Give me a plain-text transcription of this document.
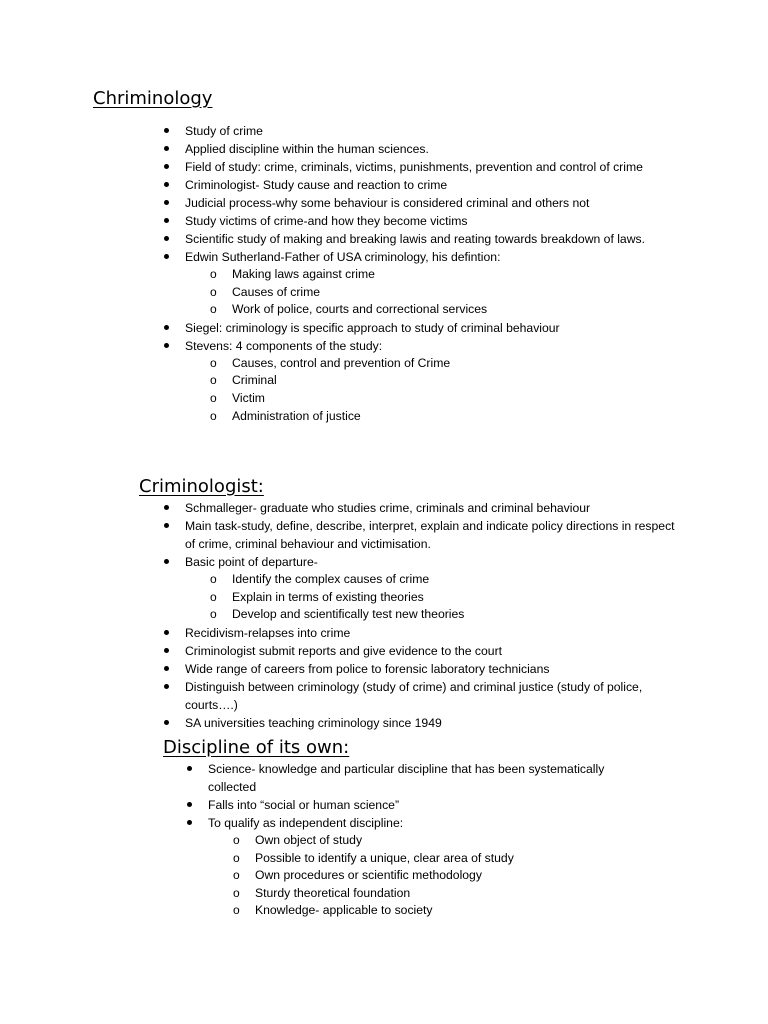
Chriminology
Study of crime
Applied discipline within the human sciences.
Field of study: crime, criminals, victims, punishments, prevention and control of crime
Criminologist- Study cause and reaction to crime
Judicial process-why some behaviour is considered criminal and others not
Study victims of crime-and how they become victims
Scientific study of making and breaking lawis and reating towards breakdown of laws.
Edwin Sutherland-Father of USA criminology, his defintion:
o Making laws against crime
o Causes of crime
o Work of police, courts and correctional services
Siegel: criminology is specific approach to study of criminal behaviour
Stevens: 4 components of the study:
o Causes, control and prevention of Crime
o Criminal
o Victim
o Administration of justice
Criminologist:
Schmalleger- graduate who studies crime, criminals and criminal behaviour
Main task-study, define, describe, interpret, explain and indicate policy directions in respect of crime, criminal behaviour and victimisation.
Basic point of departure-
o Identify the complex causes of crime
o Explain in terms of existing theories
o Develop and scientifically test new theories
Recidivism-relapses into crime
Criminologist submit reports and give evidence to the court
Wide range of careers from police to forensic laboratory technicians
Distinguish between criminology (study of crime) and criminal justice (study of police, courts….)
SA universities teaching criminology since 1949
Discipline of its own:
Science- knowledge and particular discipline that has been systematically collected
Falls into “social or human science”
To qualify as independent discipline:
o Own object of study
o Possible to identify a unique, clear area of study
o Own procedures or scientific methodology
o Sturdy theoretical foundation
o Knowledge- applicable to society
